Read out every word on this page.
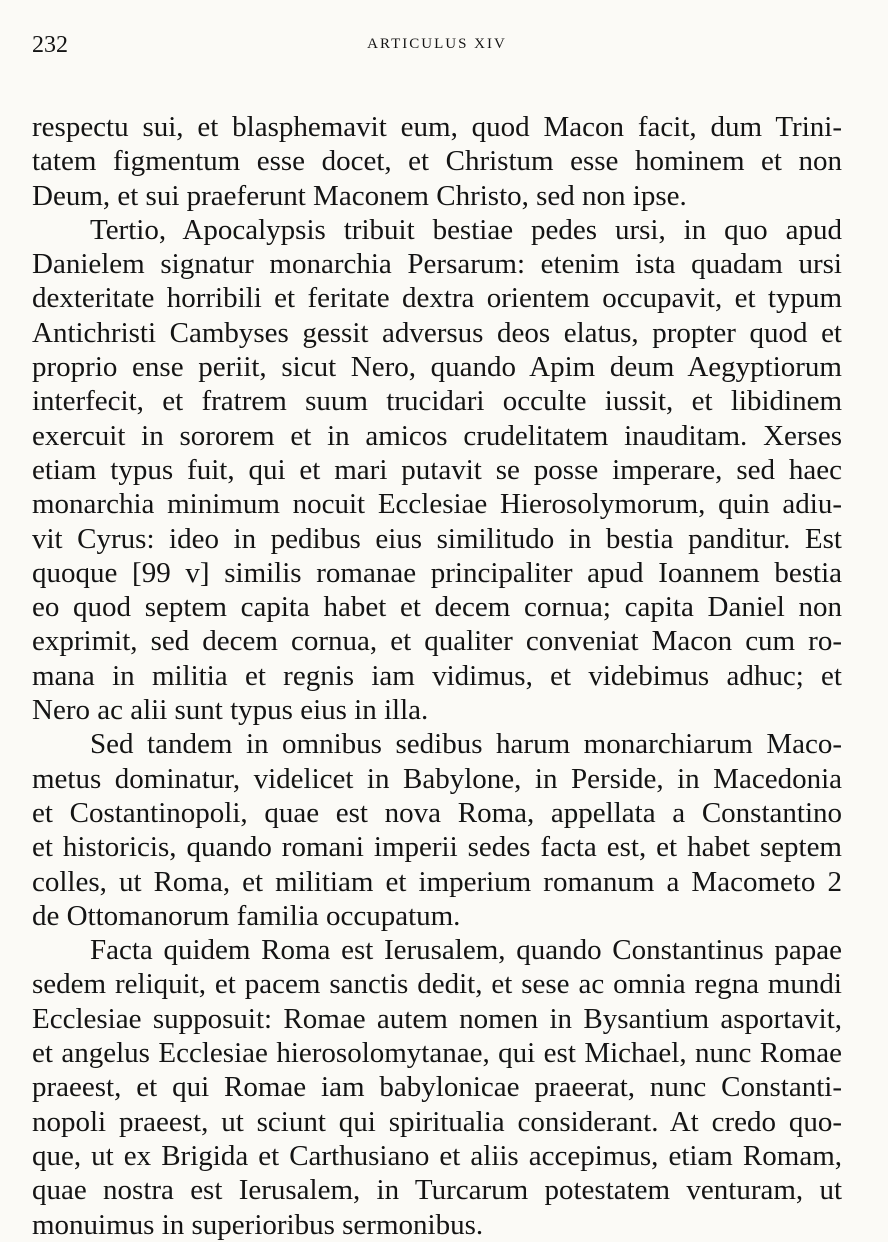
232	ARTICULUS XIV

respectu sui, et blasphemavit eum, quod Macon facit, dum Trini-
tatem figmentum esse docet, et Christum esse hominem et non
Deum, et sui praeferunt Maconem Christo, sed non ipse.

Tertio, Apocalypsis tribuit bestiae pedes ursi, in quo apud
Danielem signatur monarchia Persarum: etenim ista quadam ursi
dexteritate horribili et feritate dextra orientem occupavit, et typum
Antichristi Cambyses gessit adversus deos elatus, propter quod et
proprio ense periit, sicut Nero, quando Apim deum Aegyptiorum
interfecit, et fratrem suum trucidari occulte iussit, et libidinem
exercuit in sororem et in amicos crudelitatem inauditam. Xerses
etiam typus fuit, qui et mari putavit se posse imperare, sed haec
monarchia minimum nocuit Ecclesiae Hierosolymorum, quin adiu-
vit Cyrus: ideo in pedibus eius similitudo in bestia panditur. Est
quoque [99 v] similis romanae principaliter apud Ioannem bestia
eo quod septem capita habet et decem cornua; capita Daniel non
exprimit, sed decem cornua, et qualiter conveniat Macon cum ro-
mana in militia et regnis iam vidimus, et videbimus adhuc; et
Nero ac alii sunt typus eius in illa.

Sed tandem in omnibus sedibus harum monarchiarum Maco-
metus dominatur, videlicet in Babylone, in Perside, in Macedonia
et Costantinopoli, quae est nova Roma, appellata a Constantino
et historicis, quando romani imperii sedes facta est, et habet septem
colles, ut Roma, et militiam et imperium romanum a Macometo 2
de Ottomanorum familia occupatum.

Facta quidem Roma est Ierusalem, quando Constantinus papae
sedem reliquit, et pacem sanctis dedit, et sese ac omnia regna mundi
Ecclesiae supposuit: Romae autem nomen in Bysantium asportavit,
et angelus Ecclesiae hierosolomytanae, qui est Michael, nunc Romae
praeest, et qui Romae iam babylonicae praeerat, nunc Constanti-
nopoli praeest, ut sciunt qui spiritualia considerant. At credo quo-
que, ut ex Brigida et Carthusiano et aliis accepimus, etiam Romam,
quae nostra est Ierusalem, in Turcarum potestatem venturam, ut
monuimus in superioribus sermonibus.
